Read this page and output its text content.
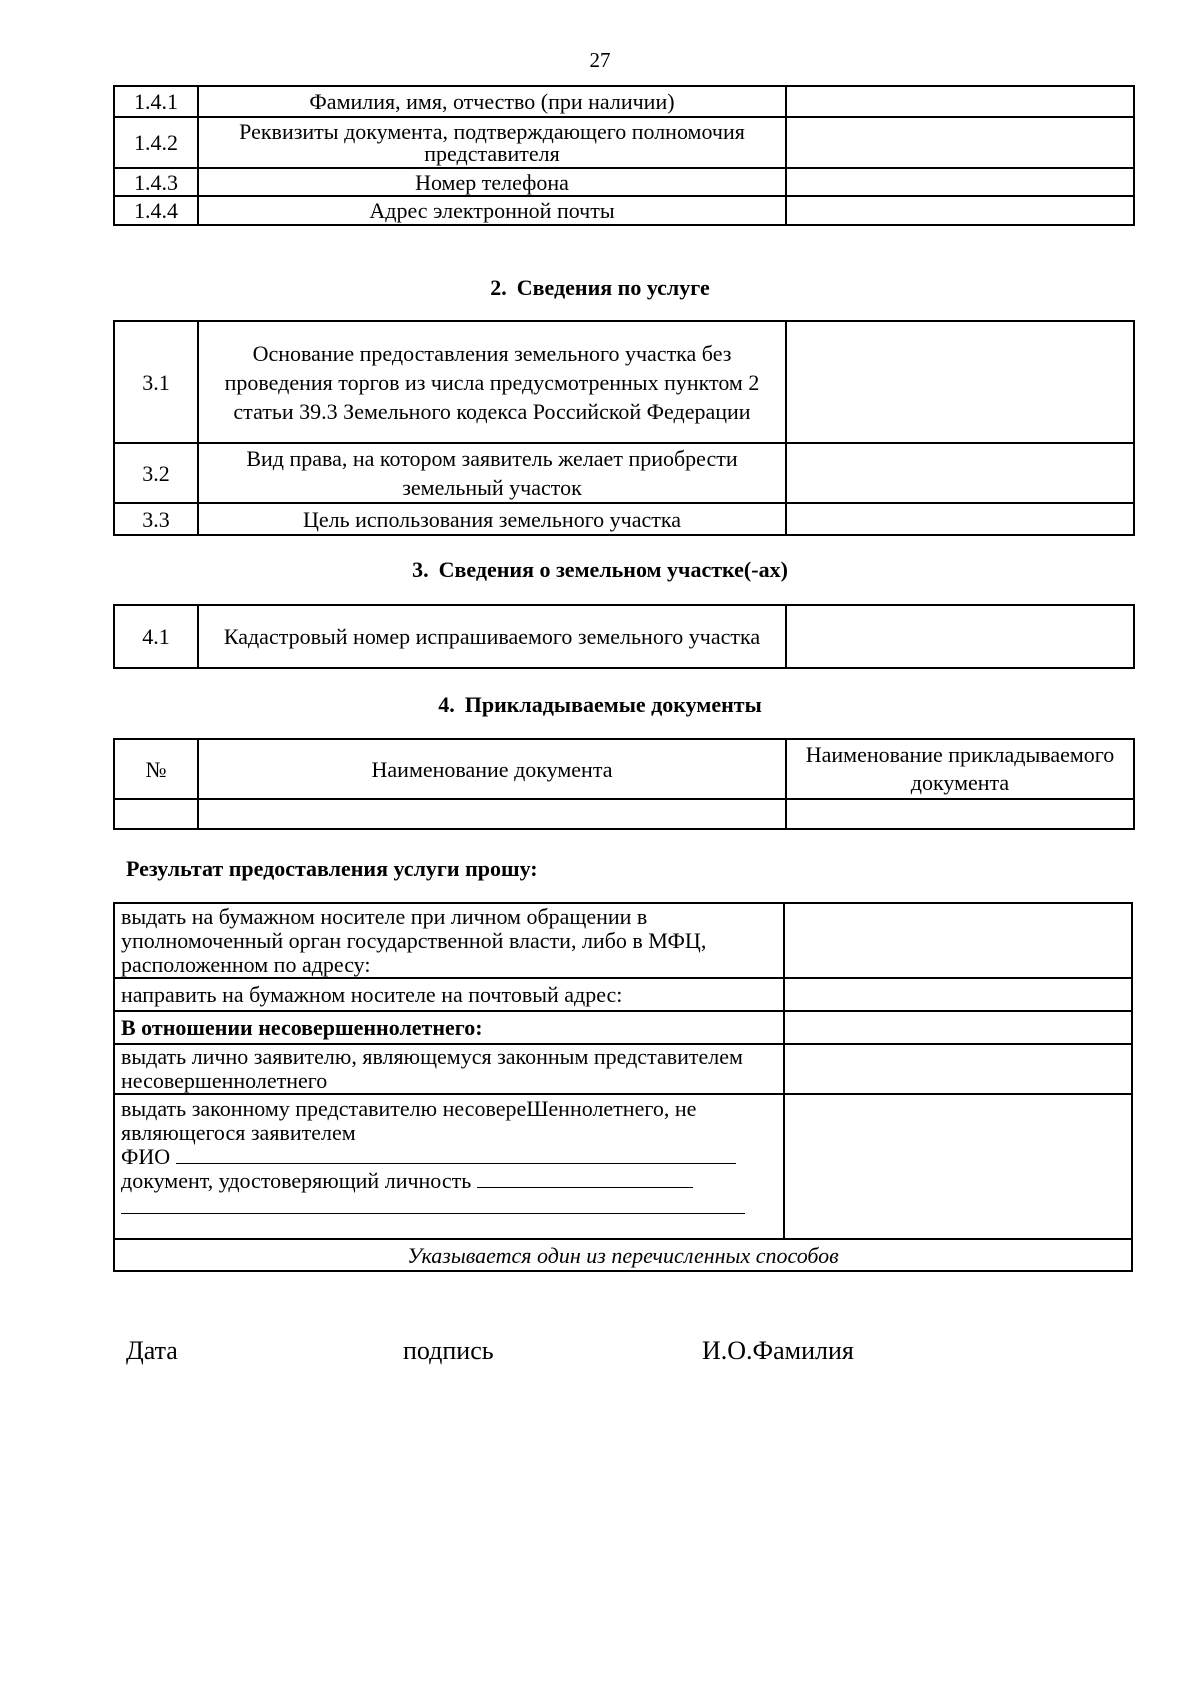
27
1.4.1	Фамилия, имя, отчество (при наличии)	
1.4.2	Реквизиты документа, подтверждающего полномочия представителя	
1.4.3	Номер телефона	
1.4.4	Адрес электронной почты	
2. Сведения по услуге
3.1	Основание предоставления земельного участка без проведения торгов из числа предусмотренных пунктом 2 статьи 39.3 Земельного кодекса Российской Федерации	
3.2	Вид права, на котором заявитель желает приобрести земельный участок	
3.3	Цель использования земельного участка	
3. Сведения о земельном участке(-ах)
4.1	Кадастровый номер испрашиваемого земельного участка	
4. Прикладываемые документы
№	Наименование документа	Наименование прикладываемого документа

Результат предоставления услуги прошу:
выдать на бумажном носителе при личном обращении в уполномоченный орган государственной власти, либо в МФЦ, расположенном по адресу:	
направить на бумажном носителе на почтовый адрес:	
В отношении несовершеннолетнего:	
выдать лично заявителю, являющемуся законным представителем несовершеннолетнего	
выдать законному представителю несовереШеннолетнего, не являющегося заявителем
ФИО
документ, удостоверяющий личность

Указывается один из перечисленных способов	
Дата	подпись	И.О.Фамилия
